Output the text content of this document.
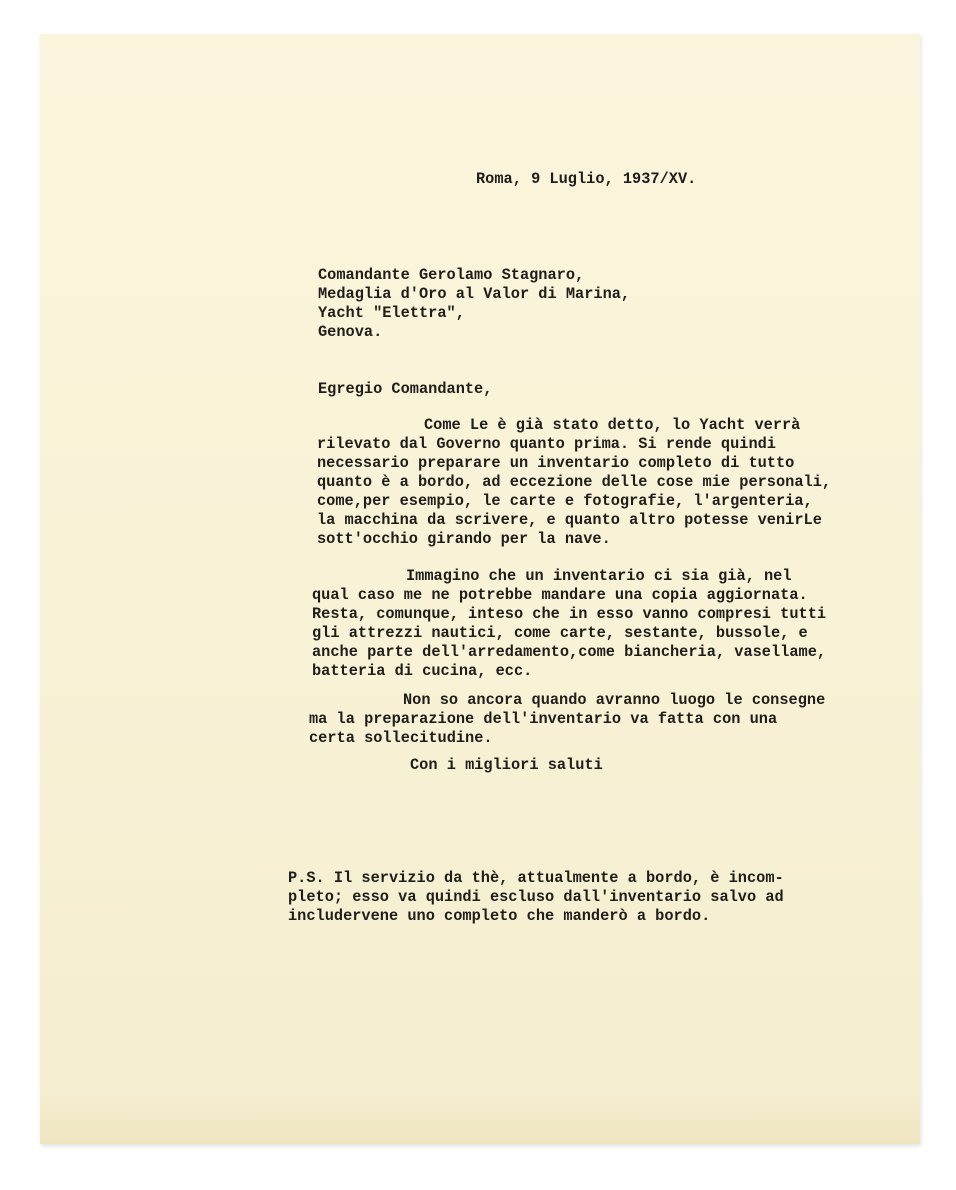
Roma, 9 Luglio, 1937/XV.

Comandante Gerolamo Stagnaro,

Medaglia d'Oro al Valor di Marina,

Yacht "Elettra",

Genova.

Egregio Comandante,

Come Le è già stato detto, lo Yacht verrà

rilevato dal Governo quanto prima. Si rende quindi

necessario preparare un inventario completo di tutto

quanto è a bordo, ad eccezione delle cose mie personali,

come,per esempio, le carte e fotografie, l'argenteria,

la macchina da scrivere, e quanto altro potesse venirLe

sott'occhio girando per la nave.

Immagino che un inventario ci sia già, nel

qual caso me ne potrebbe mandare una copia aggiornata.

Resta, comunque, inteso che in esso vanno compresi tutti

gli attrezzi nautici, come carte, sestante, bussole, e

anche parte dell'arredamento,come biancheria, vasellame,

batteria di cucina, ecc.

Non so ancora quando avranno luogo le consegne

ma la preparazione dell'inventario va fatta con una

certa sollecitudine.

Con i migliori saluti

P.S. Il servizio da thè, attualmente a bordo, è incom-

pleto; esso va quindi escluso dall'inventario salvo ad

includervene uno completo che manderò a bordo.
